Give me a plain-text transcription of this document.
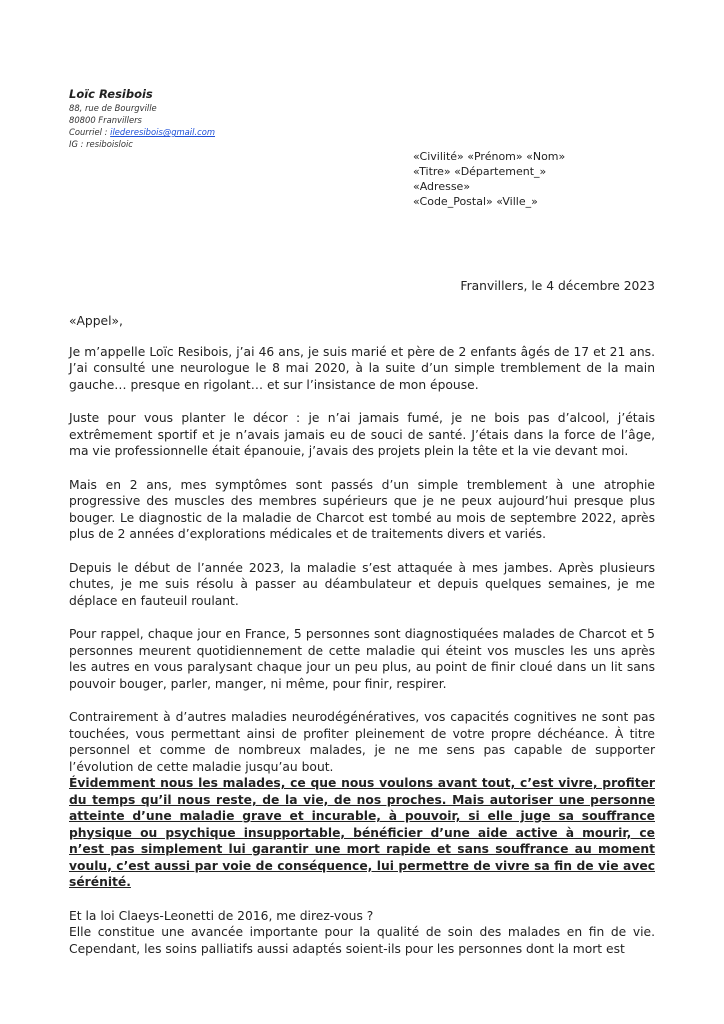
Loïc Resibois
88, rue de Bourgville
80800 Franvillers
Courriel : ilederesibois@gmail.com
IG : resiboisloic
«Civilité» «Prénom» «Nom»
«Titre» «Département_»
«Adresse»
«Code_Postal» «Ville_»
Franvillers, le 4 décembre 2023

«Appel»,

Je m’appelle Loïc Resibois, j’ai 46 ans, je suis marié et père de 2 enfants âgés de 17 et 21 ans. J’ai consulté une neurologue le 8 mai 2020, à la suite d’un simple tremblement de la main gauche… presque en rigolant… et sur l’insistance de mon épouse.

Juste pour vous planter le décor : je n’ai jamais fumé, je ne bois pas d’alcool, j’étais extrêmement sportif et je n’avais jamais eu de souci de santé. J’étais dans la force de l’âge, ma vie professionnelle était épanouie, j’avais des projets plein la tête et la vie devant moi.

Mais en 2 ans, mes symptômes sont passés d’un simple tremblement à une atrophie progressive des muscles des membres supérieurs que je ne peux aujourd’hui presque plus bouger. Le diagnostic de la maladie de Charcot est tombé au mois de septembre 2022, après plus de 2 années d’explorations médicales et de traitements divers et variés.

Depuis le début de l’année 2023, la maladie s’est attaquée à mes jambes. Après plusieurs chutes, je me suis résolu à passer au déambulateur et depuis quelques semaines, je me déplace en fauteuil roulant.

Pour rappel, chaque jour en France, 5 personnes sont diagnostiquées malades de Charcot et 5 personnes meurent quotidiennement de cette maladie qui éteint vos muscles les uns après les autres en vous paralysant chaque jour un peu plus, au point de finir cloué dans un lit sans pouvoir bouger, parler, manger, ni même, pour finir, respirer.

Contrairement à d’autres maladies neurodégénératives, vos capacités cognitives ne sont pas touchées, vous permettant ainsi de profiter pleinement de votre propre déchéance. À titre personnel et comme de nombreux malades, je ne me sens pas capable de supporter l’évolution de cette maladie jusqu’au bout.

Évidemment nous les malades, ce que nous voulons avant tout, c’est vivre, profiter du temps qu’il nous reste, de la vie, de nos proches. Mais autoriser une personne atteinte d’une maladie grave et incurable, à pouvoir, si elle juge sa souffrance physique ou psychique insupportable, bénéficier d’une aide active à mourir, ce n’est pas simplement lui garantir une mort rapide et sans souffrance au moment voulu, c’est aussi par voie de conséquence, lui permettre de vivre sa fin de vie avec sérénité.

Et la loi Claeys-Leonetti de 2016, me direz-vous ?

Elle constitue une avancée importante pour la qualité de soin des malades en fin de vie. Cependant, les soins palliatifs aussi adaptés soient-ils pour les personnes dont la mort est
